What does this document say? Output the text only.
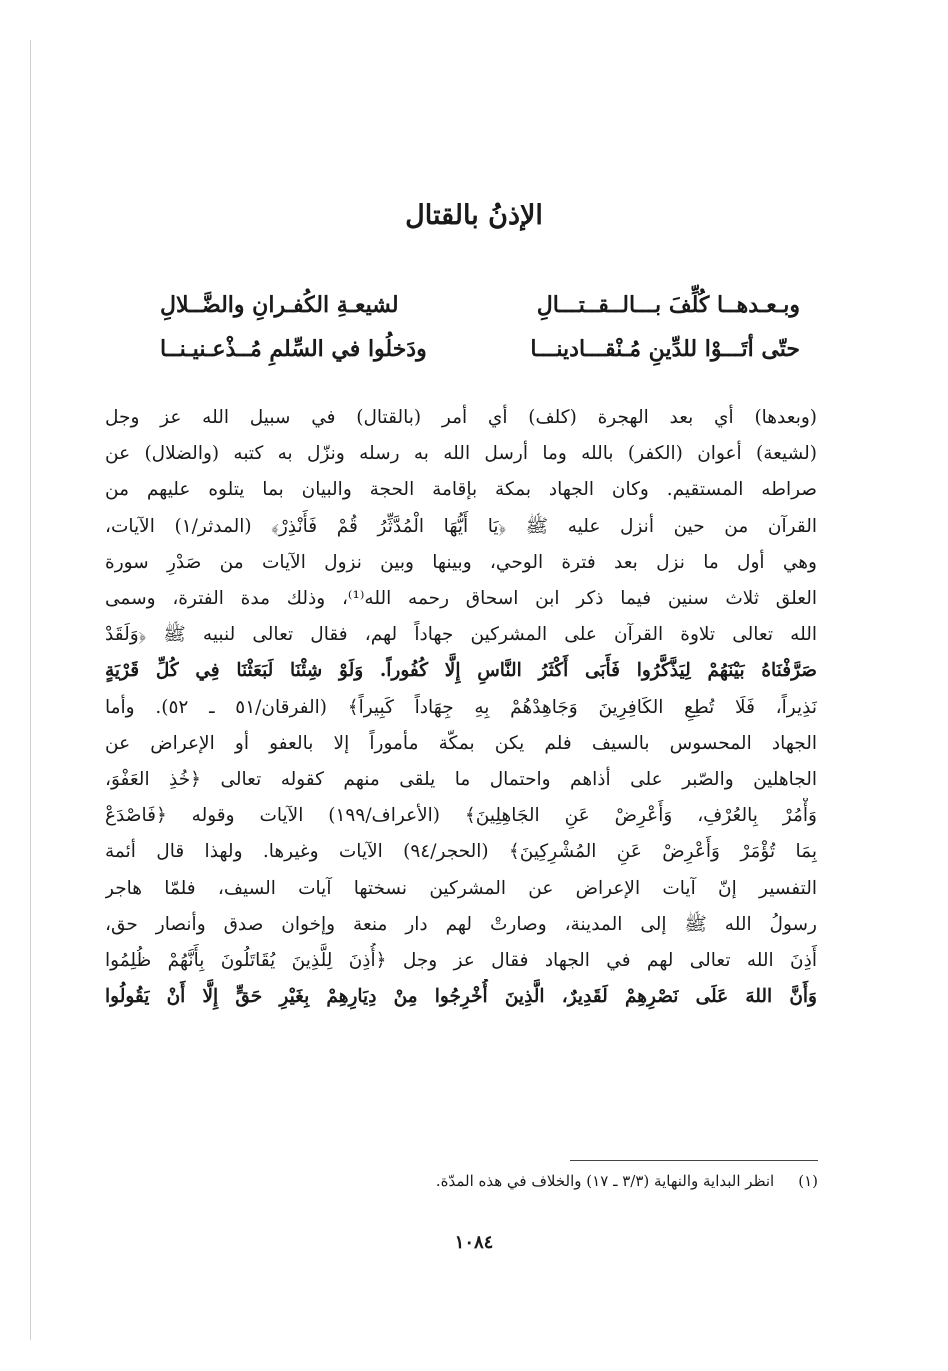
الإذنُ بالقتال
وبـعـدهــا كُلِّفَ بـــالــقــتـــالِ
لشيعـةِ الكُفـرانِ والضَّــلالِ
حتّى أتَـــوْا للدِّينِ مُـنْقـــادينـــا
ودَخلُوا في السِّلمِ مُــذْعـنيـنــا
(وبعدها) أي بعد الهجرة (كلف) أي أمر (بالقتال) في سبيل الله عز وجل
(لشيعة) أعوان (الكفر) بالله وما أرسل الله به رسله ونزّل به كتبه (والضلال) عن
صراطه المستقيم. وكان الجهاد بمكة بإقامة الحجة والبيان بما يتلوه عليهم من
القرآن من حين أنزل عليه ﷺ ﴿يَا أَيُّهَا الْمُدَّثِّرُ قُمْ فَأَنْذِرْ﴾ (المدثر/١) الآيات،
وهي أول ما نزل بعد فترة الوحي، وبينها وبين نزول الآيات من صَدْرِ سورة
العلق ثلاث سنين فيما ذكر ابن اسحاق رحمه الله⁽¹⁾، وذلك مدة الفترة، وسمى
الله تعالى تلاوة القرآن على المشركين جهاداً لهم، فقال تعالى لنبيه ﷺ ﴿وَلَقَدْ
صَرَّفْنَاهُ بَيْنَهُمْ لِيَذَّكَّرُوا فَأَبَى أَكْثَرُ النَّاسِ إِلَّا كُفُوراً. وَلَوْ شِئْنَا لَبَعَثْنَا فِي كُلِّ قَرْيَةٍ
نَذِيراً، فَلَا تُطِعِ الكَافِرِينَ وَجَاهِدْهُمْ بِهِ جِهَاداً كَبِيراً﴾ (الفرقان/٥١ ـ ٥٢). وأما
الجهاد المحسوس بالسيف فلم يكن بمكّة مأموراً إلا بالعفو أو الإعراض عن
الجاهلين والصّبر على أذاهم واحتمال ما يلقى منهم كقوله تعالى ﴿خُذِ العَفْوَ،
وَأْمُرْ بِالعُرْفِ، وَأَعْرِضْ عَنِ الجَاهِلِينَ﴾ (الأعراف/١٩٩) الآيات وقوله ﴿فَاصْدَعْ
بِمَا تُؤْمَرْ وَأَعْرِضْ عَنِ المُشْرِكِينَ﴾ (الحجر/٩٤) الآيات وغيرها. ولهذا قال أئمة
التفسير إنّ آيات الإعراض عن المشركين نسختها آيات السيف، فلمّا هاجر
رسولُ الله ﷺ إلى المدينة، وصارتْ لهم دار منعة وإخوان صدق وأنصار حق،
أَذِنَ الله تعالى لهم في الجهاد فقال عز وجل ﴿أُذِنَ لِلَّذِينَ يُقَاتَلُونَ بِأَنَّهُمْ ظُلِمُوا
وَأَنَّ اللهَ عَلَى نَصْرِهِمْ لَقَدِيرٌ، الَّذِينَ أُخْرِجُوا مِنْ دِيَارِهِمْ بِغَيْرِ حَقٍّ إِلَّا أَنْ يَقُولُوا
(١)
انظر البداية والنهاية (٣/٣ ـ ١٧) والخلاف في هذه المدّة.
١٠٨٤
